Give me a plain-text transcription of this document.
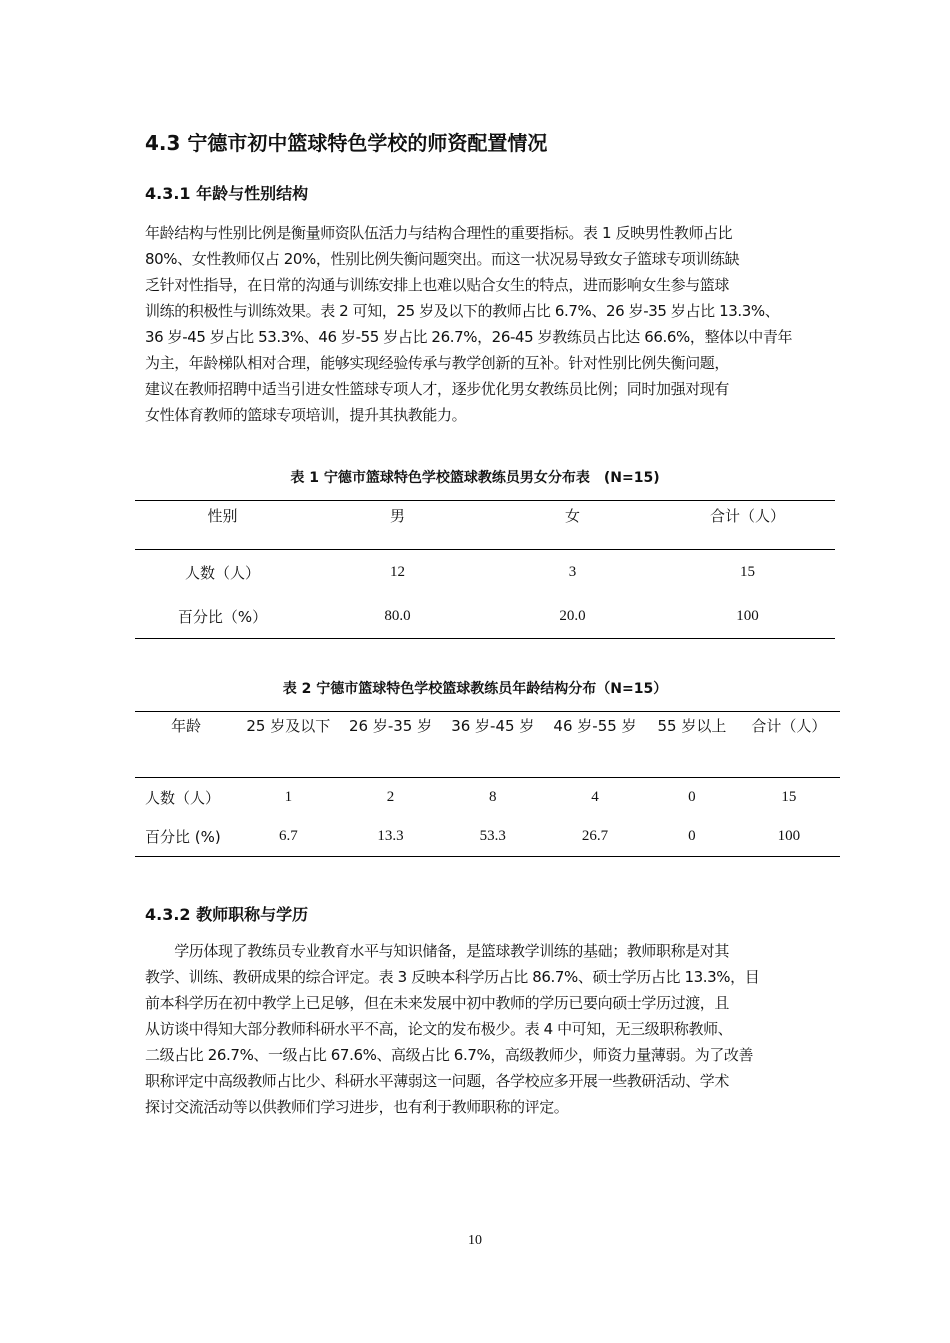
4.3 宁德市初中篮球特色学校的师资配置情况
4.3.1 年龄与性别结构
年龄结构与性别比例是衡量师资队伍活力与结构合理性的重要指标。表 1 反映男性教师占比
80%、女性教师仅占 20%，性别比例失衡问题突出。而这一状况易导致女子篮球专项训练缺
乏针对性指导，在日常的沟通与训练安排上也难以贴合女生的特点，进而影响女生参与篮球
训练的积极性与训练效果。表 2 可知，25 岁及以下的教师占比 6.7%、26 岁-35 岁占比 13.3%、
36 岁-45 岁占比 53.3%、46 岁-55 岁占比 26.7%，26-45 岁教练员占比达 66.6%，整体以中青年
为主，年龄梯队相对合理，能够实现经验传承与教学创新的互补。针对性别比例失衡问题，
建议在教师招聘中适当引进女性篮球专项人才，逐步优化男女教练员比例；同时加强对现有
女性体育教师的篮球专项培训，提升其执教能力。
表 1 宁德市篮球特色学校篮球教练员男女分布表　(N=15)
性别	男	女	合计（人）
人数（人）	12	3	15
百分比（%）	80.0	20.0	100
表 2 宁德市篮球特色学校篮球教练员年龄结构分布（N=15）
年龄	25 岁及以下	26 岁-35 岁	36 岁-45 岁	46 岁-55 岁	55 岁以上	合计（人）
人数（人）	1	2	8	4	0	15
百分比 (%)	6.7	13.3	53.3	26.7	0	100
4.3.2 教师职称与学历
　　学历体现了教练员专业教育水平与知识储备，是篮球教学训练的基础；教师职称是对其
教学、训练、教研成果的综合评定。表 3 反映本科学历占比 86.7%、硕士学历占比 13.3%，目
前本科学历在初中教学上已足够，但在未来发展中初中教师的学历已要向硕士学历过渡，且
从访谈中得知大部分教师科研水平不高，论文的发布极少。表 4 中可知，无三级职称教师、
二级占比 26.7%、一级占比 67.6%、高级占比 6.7%，高级教师少，师资力量薄弱。为了改善
职称评定中高级教师占比少、科研水平薄弱这一问题，各学校应多开展一些教研活动、学术
探讨交流活动等以供教师们学习进步，也有利于教师职称的评定。
10
